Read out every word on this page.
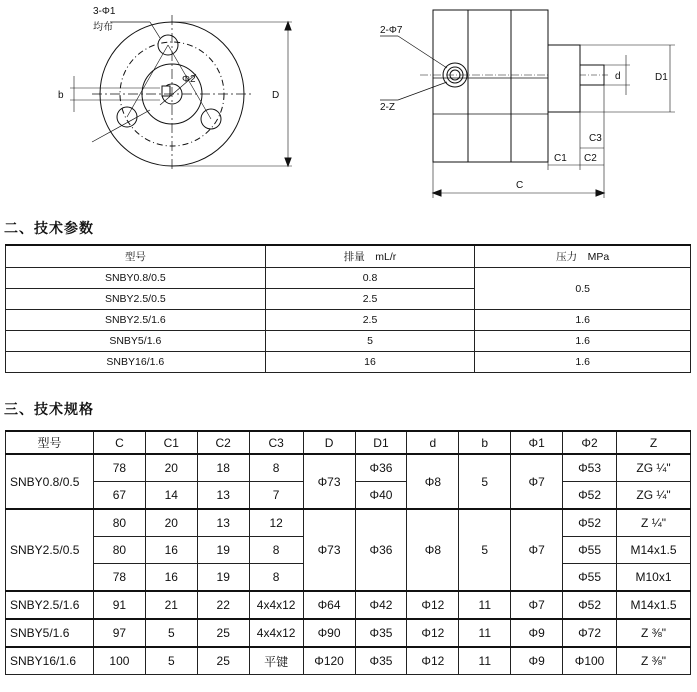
3-Φ1
均布
Φ2
b	D
2-Φ7
2-Z
d	D1
C1 C2
C3
C
二、技术参数
型号	排量　mL/r	压力　MPa
SNBY0.8/0.5	0.8	0.5
SNBY2.5/0.5	2.5	
SNBY2.5/1.6	2.5	1.6
SNBY5/1.6	5	1.6
SNBY16/1.6	16	1.6
三、技术规格
型号	C	C1	C2	C3	D	D1	d	b	Φ1	Φ2	Z
SNBY0.8/0.5	78	20	18	8	Φ73	Φ36	Φ8	5	Φ7	Φ53	ZG ¼"
	67	14	13	7		Φ40				Φ52	ZG ¼"
SNBY2.5/0.5	80	20	13	12	Φ73	Φ36	Φ8	5	Φ7	Φ52	Z ¼"
	80	16	19	8						Φ55	M14x1.5
	78	16	19	8						Φ55	M10x1
SNBY2.5/1.6	91	21	22	4x4x12	Φ64	Φ42	Φ12	11	Φ7	Φ52	M14x1.5
SNBY5/1.6	97	5	25	4x4x12	Φ90	Φ35	Φ12	11	Φ9	Φ72	Z ⅜"
SNBY16/1.6	100	5	25	平键	Φ120	Φ35	Φ12	11	Φ9	Φ100	Z ⅜"
